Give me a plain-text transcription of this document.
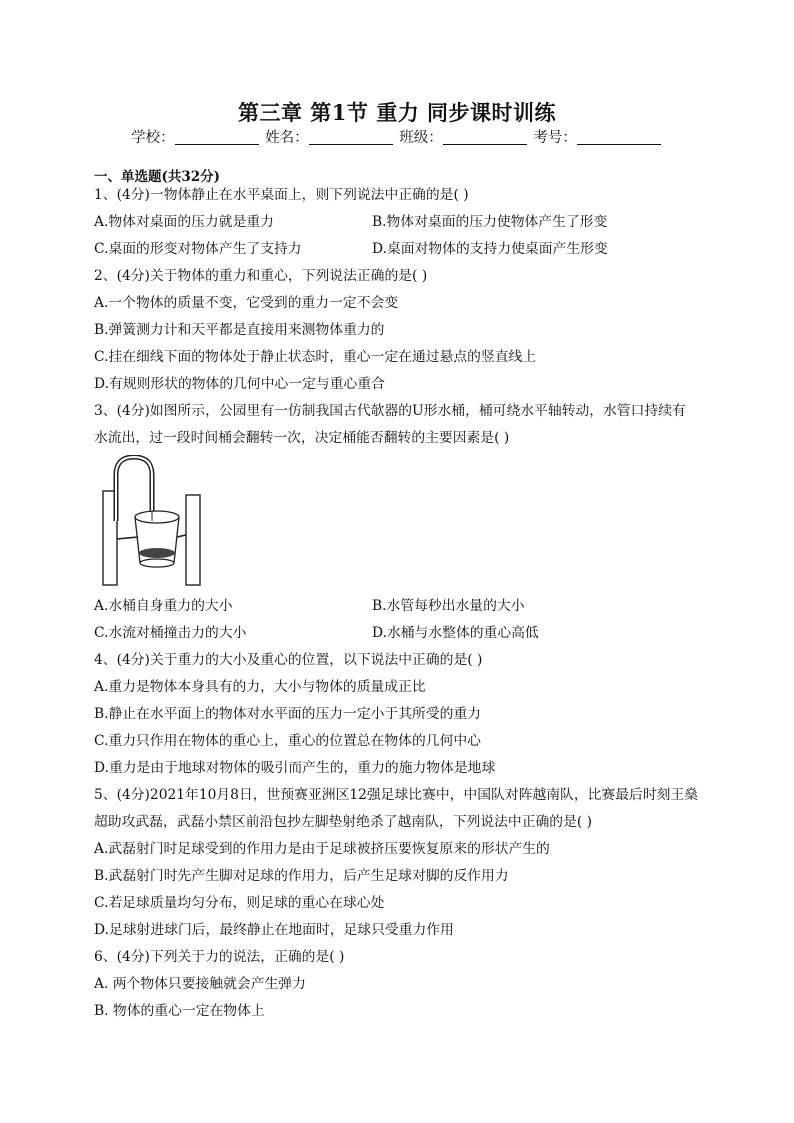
第三章 第1节 重力 同步课时训练
学校：	姓名：	班级：	考号：
一、单选题(共32分)
1、(4分)一物体静止在水平桌面上，则下列说法中正确的是( )
A.物体对桌面的压力就是重力	B.物体对桌面的压力使物体产生了形变
C.桌面的形变对物体产生了支持力	D.桌面对物体的支持力使桌面产生形变
2、(4分)关于物体的重力和重心，下列说法正确的是( )
A.一个物体的质量不变，它受到的重力一定不会变
B.弹簧测力计和天平都是直接用来测物体重力的
C.挂在细线下面的物体处于静止状态时，重心一定在通过悬点的竖直线上
D.有规则形状的物体的几何中心一定与重心重合
3、(4分)如图所示，公园里有一仿制我国古代欹器的U形水桶，桶可绕水平轴转动，水管口持续有
水流出，过一段时间桶会翻转一次，决定桶能否翻转的主要因素是( )
A.水桶自身重力的大小	B.水管每秒出水量的大小
C.水流对桶撞击力的大小	D.水桶与水整体的重心高低
4、(4分)关于重力的大小及重心的位置，以下说法中正确的是( )
A.重力是物体本身具有的力，大小与物体的质量成正比
B.静止在水平面上的物体对水平面的压力一定小于其所受的重力
C.重力只作用在物体的重心上，重心的位置总在物体的几何中心
D.重力是由于地球对物体的吸引而产生的，重力的施力物体是地球
5、(4分)2021年10月8日，世预赛亚洲区12强足球比赛中，中国队对阵越南队，比赛最后时刻王燊
超助攻武磊，武磊小禁区前沿包抄左脚垫射绝杀了越南队，下列说法中正确的是( )
A.武磊射门时足球受到的作用力是由于足球被挤压要恢复原来的形状产生的
B.武磊射门时先产生脚对足球的作用力，后产生足球对脚的反作用力
C.若足球质量均匀分布，则足球的重心在球心处
D.足球射进球门后，最终静止在地面时，足球只受重力作用
6、(4分)下列关于力的说法，正确的是( )
A. 两个物体只要接触就会产生弹力
B. 物体的重心一定在物体上
